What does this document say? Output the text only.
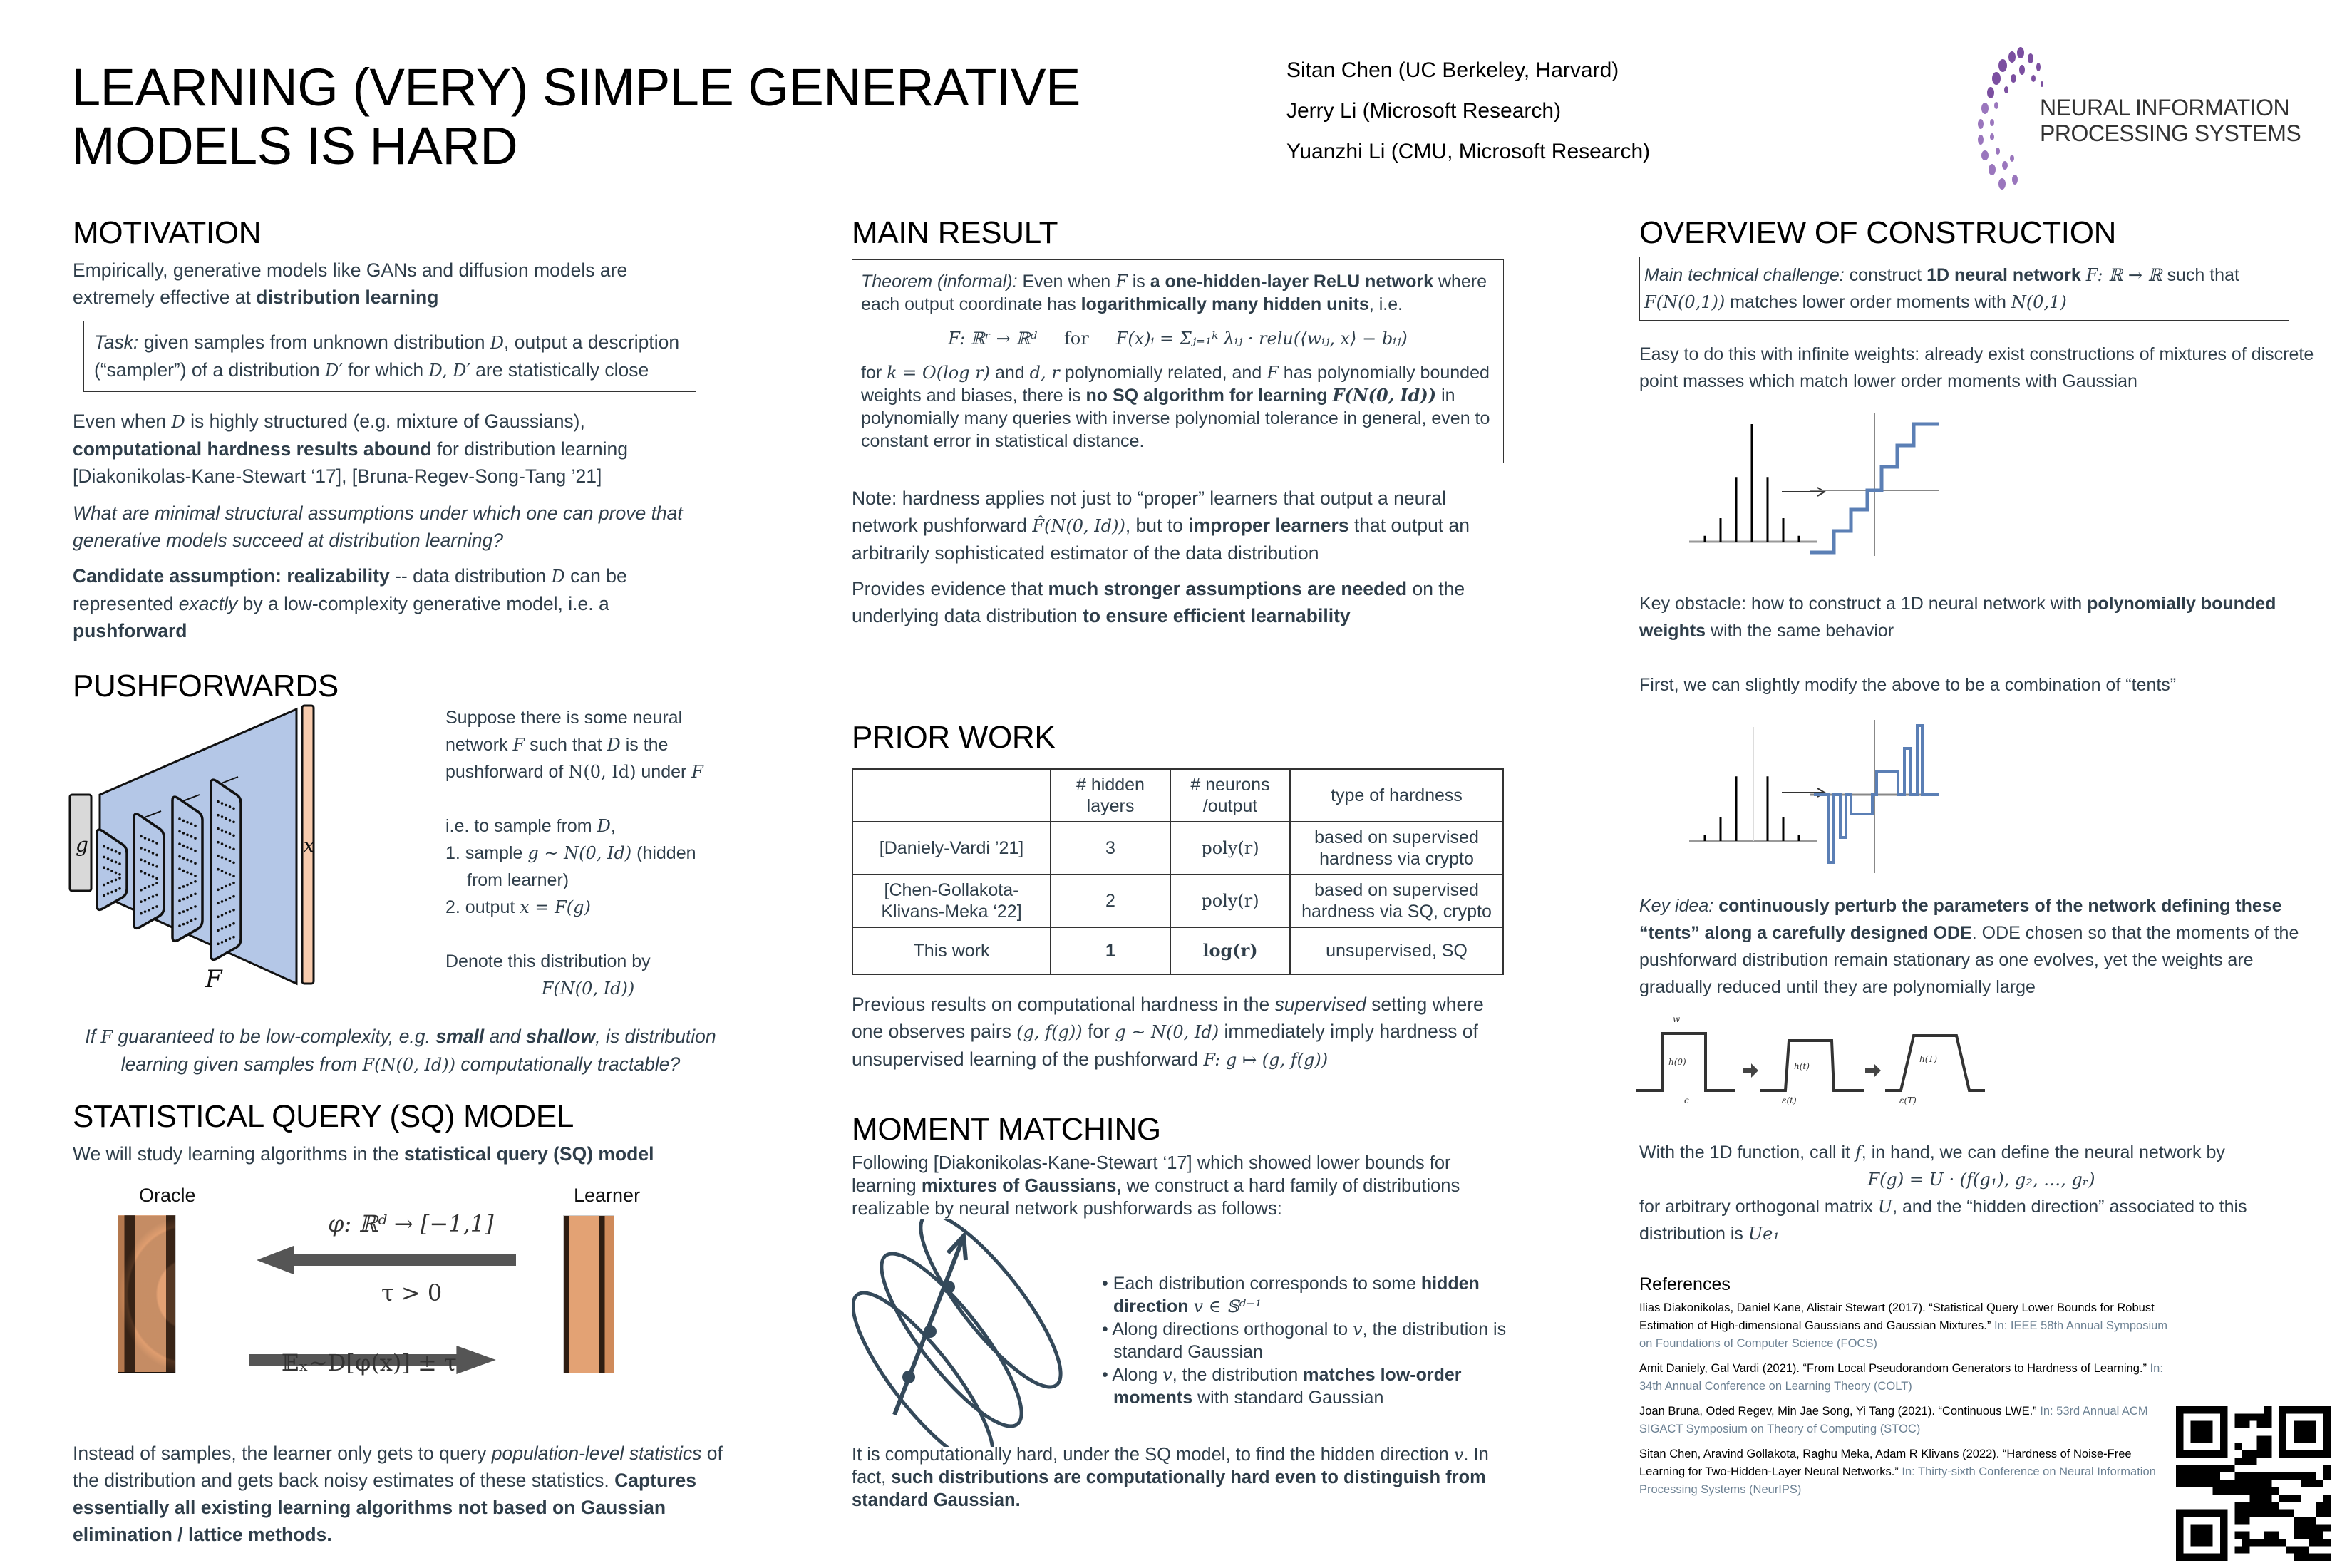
LEARNING (VERY) SIMPLE GENERATIVE
MODELS IS HARD
Sitan Chen (UC Berkeley, Harvard)
Jerry Li (Microsoft Research)
Yuanzhi Li (CMU, Microsoft Research)
NEURAL INFORMATION
PROCESSING SYSTEMS
MOTIVATION

Empirically, generative models like GANs and diffusion models are extremely effective at distribution learning

Task: given samples from unknown distribution D, output a description (“sampler”) of a distribution D′ for which D, D′ are statistically close

Even when D is highly structured (e.g. mixture of Gaussians), computational hardness results abound for distribution learning [Diakonikolas-Kane-Stewart ‘17], [Bruna-Regev-Song-Tang ’21]

What are minimal structural assumptions under which one can prove that generative models succeed at distribution learning?

Candidate assumption: realizability -- data distribution D can be represented exactly by a low-complexity generative model, i.e. a pushforward

PUSHFORWARDS
g	x
F
Suppose there is some neural network F such that D is the pushforward of N(0, Id) under F
i.e. to sample from D,
1. sample g ~ N(0, Id) (hidden from learner)
2. output x = F(g)
Denote this distribution by
F(N(0, Id))

If F guaranteed to be low-complexity, e.g. small and shallow, is distribution learning given samples from F(N(0, Id)) computationally tractable?

STATISTICAL QUERY (SQ) MODEL

We will study learning algorithms in the statistical query (SQ) model

Oracle	Learner
φ: ℝᵈ → [−1,1]
τ > 0
𝔼ₓ∼D[φ(x)] ± τ

Instead of samples, the learner only gets to query population-level statistics of the distribution and gets back noisy estimates of these statistics. Captures essentially all existing learning algorithms not based on Gaussian elimination / lattice methods.

MAIN RESULT
Theorem (informal): Even when F is a one-hidden-layer ReLU network where each output coordinate has logarithmically many hidden units, i.e.
F: ℝʳ → ℝᵈ for F(x)ᵢ = Σⱼ₌₁ᵏ λᵢⱼ · relu(⟨wᵢⱼ, x⟩ − bᵢⱼ)
for k = O(log r) and d, r polynomially related, and F has polynomially bounded weights and biases, there is no SQ algorithm for learning F(N(0, Id)) in polynomially many queries with inverse polynomial tolerance in general, even to constant error in statistical distance.

Note: hardness applies not just to “proper” learners that output a neural network pushforward F̂(N(0, Id)), but to improper learners that output an arbitrarily sophisticated estimator of the data distribution

Provides evidence that much stronger assumptions are needed on the underlying data distribution to ensure efficient learnability

PRIOR WORK
	# hidden layers	# neurons /output	type of hardness
[Daniely-Vardi ’21]	3	poly(r)	based on supervised hardness via crypto
[Chen-Gollakota-Klivans-Meka ‘22]	2	poly(r)	based on supervised hardness via SQ, crypto
This work	1	log(r)	unsupervised, SQ

Previous results on computational hardness in the supervised setting where one observes pairs (g, f(g)) for g ~ N(0, Id) immediately imply hardness of unsupervised learning of the pushforward F: g ↦ (g, f(g))

MOMENT MATCHING

Following [Diakonikolas-Kane-Stewart ‘17] which showed lower bounds for learning mixtures of Gaussians, we construct a hard family of distributions realizable by neural network pushforwards as follows:

• Each distribution corresponds to some hidden direction v ∈ 𝕊ᵈ⁻¹
• Along directions orthogonal to v, the distribution is standard Gaussian
• Along v, the distribution matches low-order moments with standard Gaussian

It is computationally hard, under the SQ model, to find the hidden direction v. In fact, such distributions are computationally hard even to distinguish from standard Gaussian.

OVERVIEW OF CONSTRUCTION
Main technical challenge: construct 1D neural network F: ℝ → ℝ such that F(N(0,1)) matches lower order moments with N(0,1)

Easy to do this with infinite weights: already exist constructions of mixtures of discrete point masses which match lower order moments with Gaussian

Key obstacle: how to construct a 1D neural network with polynomially bounded weights with the same behavior

First, we can slightly modify the above to be a combination of “tents”

Key idea: continuously perturb the parameters of the network defining these “tents” along a carefully designed ODE. ODE chosen so that the moments of the pushforward distribution remain stationary as one evolves, yet the weights are gradually reduced until they are polynomially large

w
h(0)
c
h(t)
ε(t)
h(T)
ε(T)
With the 1D function, call it f, in hand, we can define the neural network by
F(g) = U · (f(g₁), g₂, …, gᵣ)
for arbitrary orthogonal matrix U, and the “hidden direction” associated to this distribution is Ue₁
References
Ilias Diakonikolas, Daniel Kane, Alistair Stewart (2017). “Statistical Query Lower Bounds for Robust Estimation of High-dimensional Gaussians and Gaussian Mixtures.” In: IEEE 58th Annual Symposium on Foundations of Computer Science (FOCS)
Amit Daniely, Gal Vardi (2021). “From Local Pseudorandom Generators to Hardness of Learning.” In: 34th Annual Conference on Learning Theory (COLT)
Joan Bruna, Oded Regev, Min Jae Song, Yi Tang (2021). “Continuous LWE.” In: 53rd Annual ACM SIGACT Symposium on Theory of Computing (STOC)
Sitan Chen, Aravind Gollakota, Raghu Meka, Adam R Klivans (2022). “Hardness of Noise-Free Learning for Two-Hidden-Layer Neural Networks.” In: Thirty-sixth Conference on Neural Information Processing Systems (NeurIPS)
